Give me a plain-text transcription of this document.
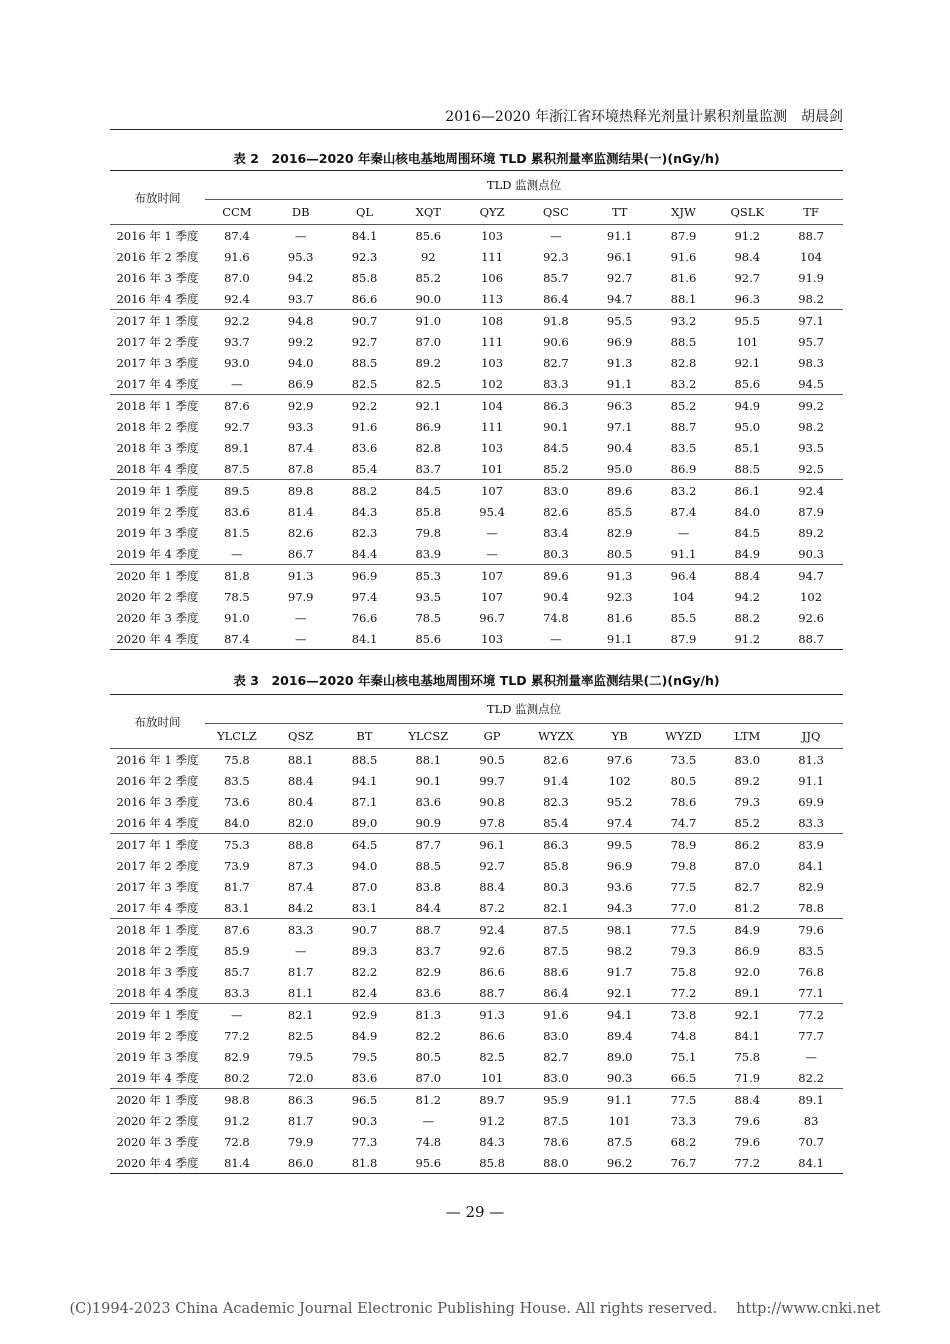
2016—2020 年浙江省环境热释光剂量计累积剂量监测　胡晨剑
表 2　2016—2020 年秦山核电基地周围环境 TLD 累积剂量率监测结果(一)(nGy/h)
布放时间	TLD 监测点位									
	CCM	DB	QL	XQT	QYZ	QSC	TT	XJW	QSLK	TF
2016 年 1 季度	87.4	—	84.1	85.6	103	—	91.1	87.9	91.2	88.7
2016 年 2 季度	91.6	95.3	92.3	92	111	92.3	96.1	91.6	98.4	104
2016 年 3 季度	87.0	94.2	85.8	85.2	106	85.7	92.7	81.6	92.7	91.9
2016 年 4 季度	92.4	93.7	86.6	90.0	113	86.4	94.7	88.1	96.3	98.2
2017 年 1 季度	92.2	94.8	90.7	91.0	108	91.8	95.5	93.2	95.5	97.1
2017 年 2 季度	93.7	99.2	92.7	87.0	111	90.6	96.9	88.5	101	95.7
2017 年 3 季度	93.0	94.0	88.5	89.2	103	82.7	91.3	82.8	92.1	98.3
2017 年 4 季度	—	86.9	82.5	82.5	102	83.3	91.1	83.2	85.6	94.5
2018 年 1 季度	87.6	92.9	92.2	92.1	104	86.3	96.3	85.2	94.9	99.2
2018 年 2 季度	92.7	93.3	91.6	86.9	111	90.1	97.1	88.7	95.0	98.2
2018 年 3 季度	89.1	87.4	83.6	82.8	103	84.5	90.4	83.5	85.1	93.5
2018 年 4 季度	87.5	87.8	85.4	83.7	101	85.2	95.0	86.9	88.5	92.5
2019 年 1 季度	89.5	89.8	88.2	84.5	107	83.0	89.6	83.2	86.1	92.4
2019 年 2 季度	83.6	81.4	84.3	85.8	95.4	82.6	85.5	87.4	84.0	87.9
2019 年 3 季度	81.5	82.6	82.3	79.8	—	83.4	82.9	—	84.5	89.2
2019 年 4 季度	—	86.7	84.4	83.9	—	80.3	80.5	91.1	84.9	90.3
2020 年 1 季度	81.8	91.3	96.9	85.3	107	89.6	91.3	96.4	88.4	94.7
2020 年 2 季度	78.5	97.9	97.4	93.5	107	90.4	92.3	104	94.2	102
2020 年 3 季度	91.0	—	76.6	78.5	96.7	74.8	81.6	85.5	88.2	92.6
2020 年 4 季度	87.4	—	84.1	85.6	103	—	91.1	87.9	91.2	88.7
表 3　2016—2020 年秦山核电基地周围环境 TLD 累积剂量率监测结果(二)(nGy/h)
布放时间	TLD 监测点位									
	YLCLZ	QSZ	BT	YLCSZ	GP	WYZX	YB	WYZD	LTM	JJQ
2016 年 1 季度	75.8	88.1	88.5	88.1	90.5	82.6	97.6	73.5	83.0	81.3
2016 年 2 季度	83.5	88.4	94.1	90.1	99.7	91.4	102	80.5	89.2	91.1
2016 年 3 季度	73.6	80.4	87.1	83.6	90.8	82.3	95.2	78.6	79.3	69.9
2016 年 4 季度	84.0	82.0	89.0	90.9	97.8	85.4	97.4	74.7	85.2	83.3
2017 年 1 季度	75.3	88.8	64.5	87.7	96.1	86.3	99.5	78.9	86.2	83.9
2017 年 2 季度	73.9	87.3	94.0	88.5	92.7	85.8	96.9	79.8	87.0	84.1
2017 年 3 季度	81.7	87.4	87.0	83.8	88.4	80.3	93.6	77.5	82.7	82.9
2017 年 4 季度	83.1	84.2	83.1	84.4	87.2	82.1	94.3	77.0	81.2	78.8
2018 年 1 季度	87.6	83.3	90.7	88.7	92.4	87.5	98.1	77.5	84.9	79.6
2018 年 2 季度	85.9	—	89.3	83.7	92.6	87.5	98.2	79.3	86.9	83.5
2018 年 3 季度	85.7	81.7	82.2	82.9	86.6	88.6	91.7	75.8	92.0	76.8
2018 年 4 季度	83.3	81.1	82.4	83.6	88.7	86.4	92.1	77.2	89.1	77.1
2019 年 1 季度	—	82.1	92.9	81.3	91.3	91.6	94.1	73.8	92.1	77.2
2019 年 2 季度	77.2	82.5	84.9	82.2	86.6	83.0	89.4	74.8	84.1	77.7
2019 年 3 季度	82.9	79.5	79.5	80.5	82.5	82.7	89.0	75.1	75.8	—
2019 年 4 季度	80.2	72.0	83.6	87.0	101	83.0	90.3	66.5	71.9	82.2
2020 年 1 季度	98.8	86.3	96.5	81.2	89.7	95.9	91.1	77.5	88.4	89.1
2020 年 2 季度	91.2	81.7	90.3	—	91.2	87.5	101	73.3	79.6	83
2020 年 3 季度	72.8	79.9	77.3	74.8	84.3	78.6	87.5	68.2	79.6	70.7
2020 年 4 季度	81.4	86.0	81.8	95.6	85.8	88.0	96.2	76.7	77.2	84.1
— 29 —
(C)1994-2023 China Academic Journal Electronic Publishing House. All rights reserved.　 http://www.cnki.net
